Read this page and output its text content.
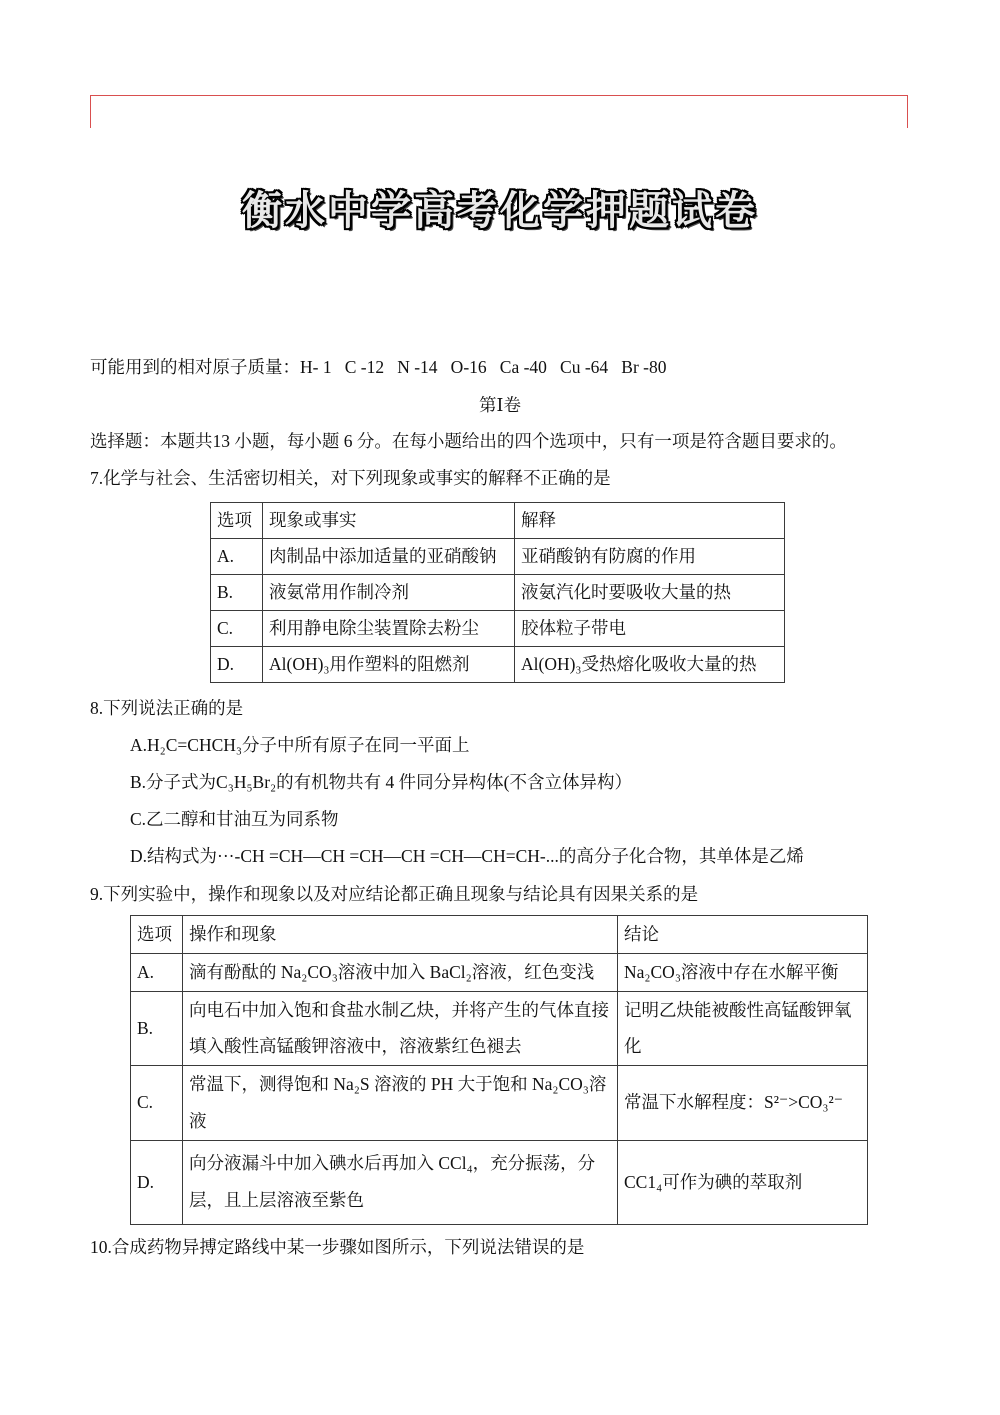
衡水中学高考化学押题试卷

可能用到的相对原子质量：H- 1   C -12   N -14   O-16   Ca -40   Cu -64   Br -80

第Ⅰ卷

选择题：本题共13 小题，每小题 6 分。在每小题给出的四个选项中，只有一项是符含题目要求的。

7.化学与社会、生活密切相关，对下列现象或事实的解释不正确的是

选项	现象或事实	解释
A.	肉制品中添加适量的亚硝酸钠	亚硝酸钠有防腐的作用
B.	液氨常用作制冷剂	液氨汽化时要吸收大量的热
C.	利用静电除尘装置除去粉尘	胶体粒子带电
D.	Al(OH)₃用作塑料的阻燃剂	Al(OH)₃受热熔化吸收大量的热

8.下列说法正确的是

A.H₂C=CHCH₃分子中所有原子在同一平面上

B.分子式为C₃H₅Br₂的有机物共有 4 件同分异构体(不含立体异构）

C.乙二醇和甘油互为同系物

D.结构式为···-CH =CH—CH =CH—CH =CH—CH=CH-...的高分子化合物，其单体是乙烯

9.下列实验中，操作和现象以及对应结论都正确且现象与结论具有因果关系的是

选项	操作和现象	结论
A.	滴有酚酞的 Na₂CO₃溶液中加入 BaCl₂溶液，红色变浅	Na₂CO₃溶液中存在水解平衡
B.	向电石中加入饱和食盐水制乙炔，并将产生的气体直接填入酸性高锰酸钾溶液中，溶液紫红色褪去	记明乙炔能被酸性高锰酸钾氧化
C.	常温下，测得饱和 Na₂S 溶液的 PH 大于饱和 Na₂CO₃溶液	常温下水解程度：S²⁻>CO₃²⁻
D.	向分液漏斗中加入碘水后再加入 CCl₄，充分振荡，分层，且上层溶液至紫色	CC1₄可作为碘的萃取剂

10.合成药物异搏定路线中某一步骤如图所示，下列说法错误的是
